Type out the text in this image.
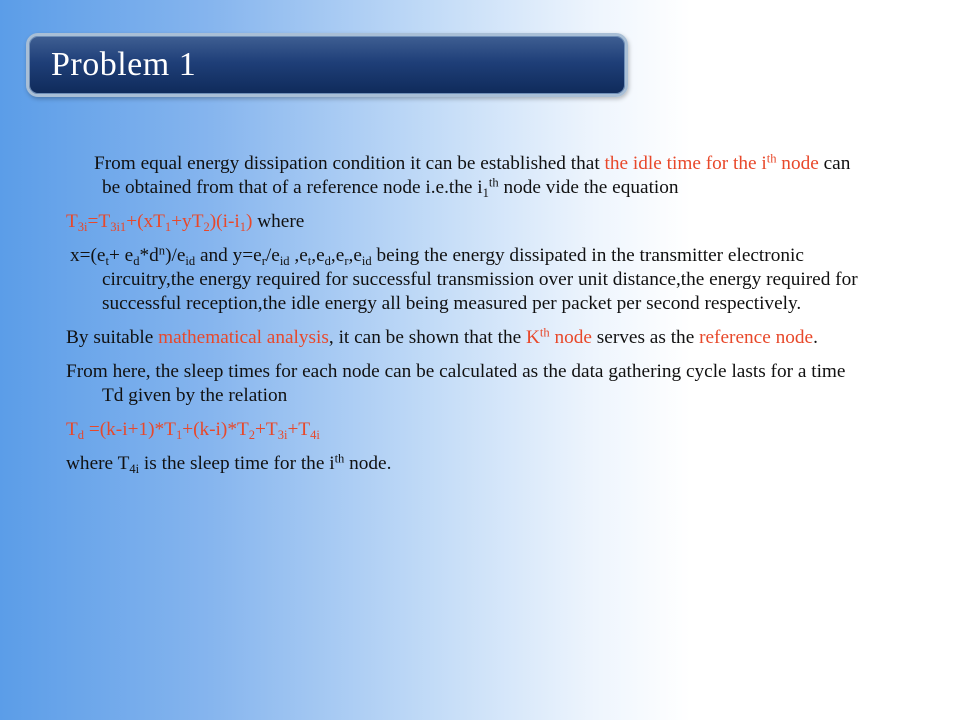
Problem 1

From equal energy dissipation condition it can be established that the idle time for the $i^{th}$ node can be obtained from that of a reference node i.e.the $i_1^{th}$ node vide the equation

$T_{3i}=T_{3i1}+(xT_1+yT_2)(i-i_1)$ where

$x=(e_t+ e_d*d^n)/e_{id}$ and $y=e_r/e_{id}$ $,e_t,e_d,e_r,e_{id}$ being the energy dissipated in the transmitter electronic circuitry,the energy required for successful transmission over unit distance,the energy required for successful reception,the idle energy all being measured per packet per second respectively.

By suitable mathematical analysis, it can be shown that the $K^{th}$ node serves as the reference node.

From here, the sleep times for each node can be calculated as the data gathering cycle lasts for a time Td given by the relation

$T_d =(k-i+1)*T_1+(k-i)*T_2+T_{3i}+T_{4i}$

where $T_{4i}$ is the sleep time for the $i^{th}$ node.
